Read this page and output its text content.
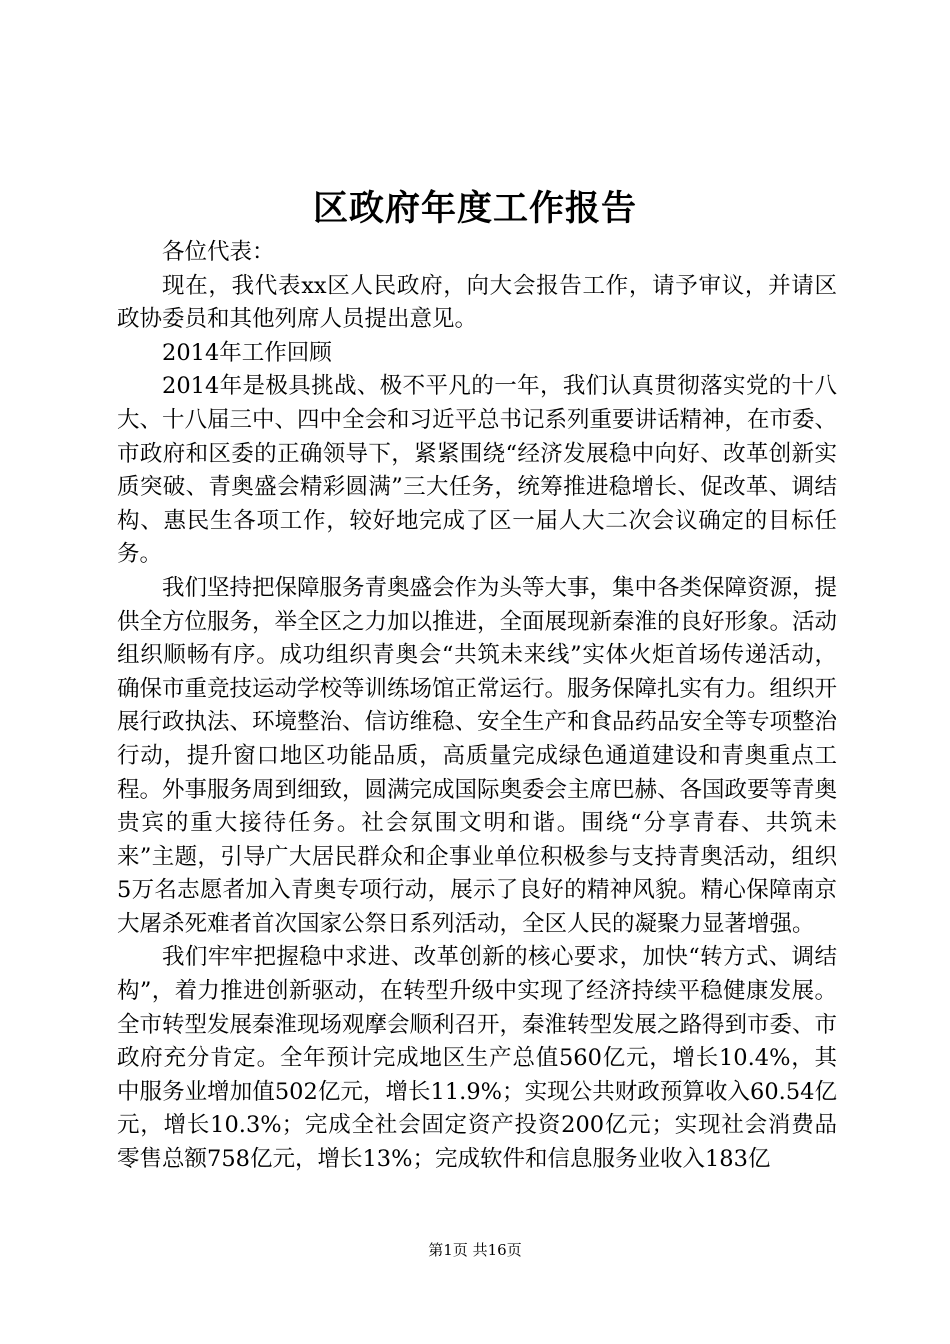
区政府年度工作报告

各位代表：

现在，我代表xx区人民政府，向大会报告工作，请予审议，并请区政协委员和其他列席人员提出意见。

2014年工作回顾

2014年是极具挑战、极不平凡的一年，我们认真贯彻落实党的十八大、十八届三中、四中全会和习近平总书记系列重要讲话精神，在市委、市政府和区委的正确领导下，紧紧围绕“经济发展稳中向好、改革创新实质突破、青奥盛会精彩圆满”三大任务，统筹推进稳增长、促改革、调结构、惠民生各项工作，较好地完成了区一届人大二次会议确定的目标任务。

我们坚持把保障服务青奥盛会作为头等大事，集中各类保障资源，提供全方位服务，举全区之力加以推进，全面展现新秦淮的良好形象。活动组织顺畅有序。成功组织青奥会“共筑未来线”实体火炬首场传递活动，确保市重竞技运动学校等训练场馆正常运行。服务保障扎实有力。组织开展行政执法、环境整治、信访维稳、安全生产和食品药品安全等专项整治行动，提升窗口地区功能品质，高质量完成绿色通道建设和青奥重点工程。外事服务周到细致，圆满完成国际奥委会主席巴赫、各国政要等青奥贵宾的重大接待任务。社会氛围文明和谐。围绕“分享青春、共筑未来”主题，引导广大居民群众和企事业单位积极参与支持青奥活动，组织5万名志愿者加入青奥专项行动，展示了良好的精神风貌。精心保障南京大屠杀死难者首次国家公祭日系列活动，全区人民的凝聚力显著增强。

我们牢牢把握稳中求进、改革创新的核心要求，加快“转方式、调结构”，着力推进创新驱动，在转型升级中实现了经济持续平稳健康发展。全市转型发展秦淮现场观摩会顺利召开，秦淮转型发展之路得到市委、市政府充分肯定。全年预计完成地区生产总值560亿元，增长10.4%，其中服务业增加值502亿元，增长11.9%；实现公共财政预算收入60.54亿元，增长10.3%；完成全社会固定资产投资200亿元；实现社会消费品零售总额758亿元，增长13%；完成软件和信息服务业收入183亿

第1页 共16页
